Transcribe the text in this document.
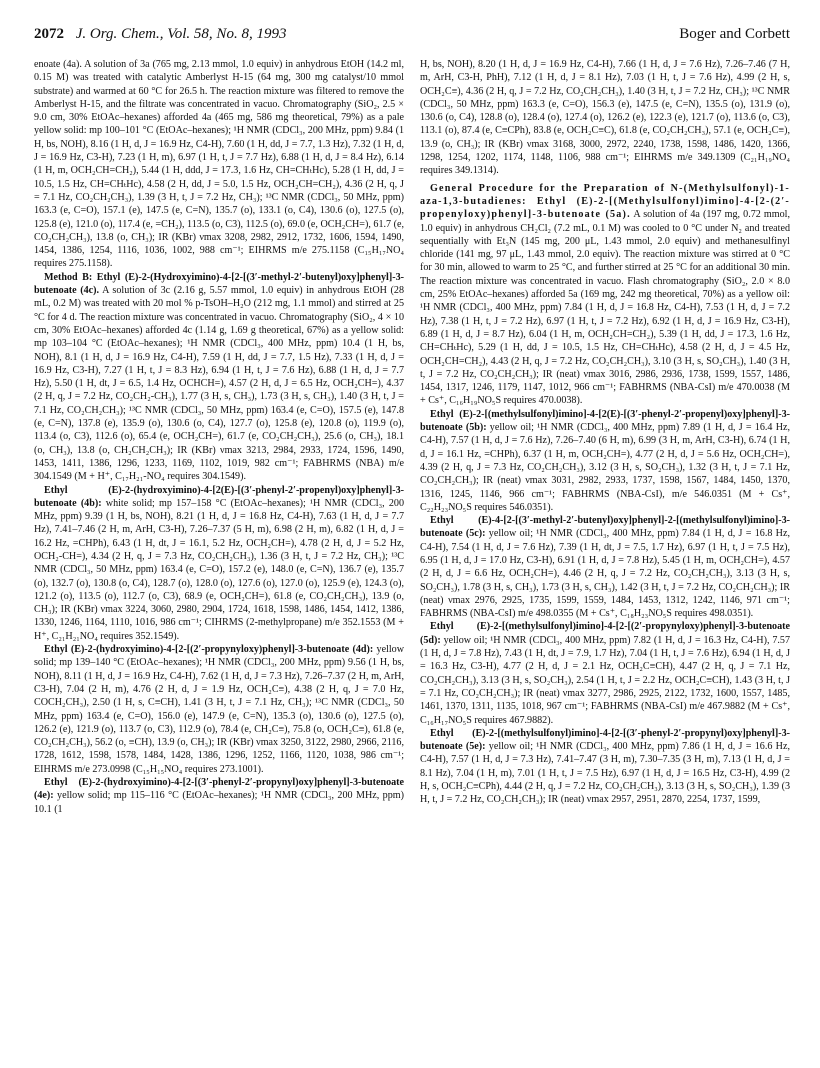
2072 J. Org. Chem., Vol. 58, No. 8, 1993	Boger and Corbett

enoate (4a). A solution of 3a (765 mg, 2.13 mmol, 1.0 equiv) in anhydrous EtOH (14.2 ml, 0.15 M) was treated with catalytic Amberlyst H-15 (64 mg, 300 mg catalyst/10 mmol substrate) and warmed at 60 °C for 26.5 h. The reaction mixture was filtered to remove the Amberlyst H-15, and the filtrate was concentrated in vacuo. Chromatography (SiO₂, 2.5 × 9.0 cm, 30% EtOAc–hexanes) afforded 4a (465 mg, 586 mg theoretical, 79%) as a pale yellow solid: mp 100–101 °C (EtOAc–hexanes); ¹H NMR (CDCl₃, 200 MHz, ppm) 9.84 (1 H, bs, NOH), 8.16 (1 H, d, J = 16.9 Hz, C4-H), 7.60 (1 H, dd, J = 7.7, 1.3 Hz), 7.32 (1 H, d, J = 16.9 Hz, C3-H), 7.23 (1 H, m), 6.97 (1 H, t, J = 7.7 Hz), 6.88 (1 H, d, J = 8.4 Hz), 6.14 (1 H, m, OCH₂CH=CH₂), 5.44 (1 H, ddd, J = 17.3, 1.6 Hz, CH=CHₜHc), 5.28 (1 H, dd, J = 10.5, 1.5 Hz, CH=CHₜHc), 4.58 (2 H, dd, J = 5.0, 1.5 Hz, OCH₂CH=CH₂), 4.36 (2 H, q, J = 7.1 Hz, CO₂CH₂CH₃), 1.39 (3 H, t, J = 7.2 Hz, CH₃); ¹³C NMR (CDCl₃, 50 MHz, ppm) 163.3 (e, C=O), 157.1 (e), 147.5 (e, C=N), 135.7 (o), 133.1 (o, C4), 130.6 (o), 127.5 (o), 125.8 (e), 121.0 (o), 117.4 (e, =CH₂), 113.5 (o, C3), 112.5 (o), 69.0 (e, OCH₂CH=), 61.7 (e, CO₂CH₂CH₃), 13.8 (o, CH₃); IR (KBr) νmax 3208, 2982, 2912, 1732, 1606, 1594, 1490, 1454, 1386, 1254, 1116, 1036, 1002, 988 cm⁻¹; EIHRMS m/e 275.1158 (C₁₅H₁₇NO₄ requires 275.1158).

Method B: Ethyl (E)-2-(Hydroxyimino)-4-[2-[(3′-methyl-2′-butenyl)oxy]phenyl]-3-butenoate (4c). A solution of 3c (2.16 g, 5.57 mmol, 1.0 equiv) in anhydrous EtOH (28 mL, 0.2 M) was treated with 20 mol % p-TsOH–H₂O (212 mg, 1.1 mmol) and stirred at 25 °C for 4 d. The reaction mixture was concentrated in vacuo. Chromatography (SiO₂, 4 × 10 cm, 30% EtOAc–hexanes) afforded 4c (1.14 g, 1.69 g theoretical, 67%) as a yellow solid: mp 103–104 °C (EtOAc–hexanes); ¹H NMR (CDCl₃, 400 MHz, ppm) 10.4 (1 H, bs, NOH), 8.1 (1 H, d, J = 16.9 Hz, C4-H), 7.59 (1 H, dd, J = 7.7, 1.5 Hz), 7.33 (1 H, d, J = 16.9 Hz, C3-H), 7.27 (1 H, t, J = 8.3 Hz), 6.94 (1 H, t, J = 7.6 Hz), 6.88 (1 H, d, J = 7.7 Hz), 5.50 (1 H, dt, J = 6.5, 1.4 Hz, OCHCH=), 4.57 (2 H, d, J = 6.5 Hz, OCH₂CH=), 4.37 (2 H, q, J = 7.2 Hz, CO₂CH₂-CH₃), 1.77 (3 H, s, CH₃), 1.73 (3 H, s, CH₃), 1.40 (3 H, t, J = 7.1 Hz, CO₂CH₂CH₃); ¹³C NMR (CDCl₃, 50 MHz, ppm) 163.4 (e, C=O), 157.5 (e), 147.8 (e, C=N), 137.8 (e), 135.9 (o), 130.6 (o, C4), 127.7 (o), 125.8 (e), 120.8 (o), 119.9 (o), 113.4 (o, C3), 112.6 (o), 65.4 (e, OCH₂CH=), 61.7 (e, CO₂CH₂CH₃), 25.6 (o, CH₃), 18.1 (o, CH₃), 13.8 (o, CH₂CH₂CH₃); IR (KBr) νmax 3213, 2984, 2933, 1724, 1596, 1490, 1453, 1411, 1386, 1296, 1233, 1169, 1102, 1019, 982 cm⁻¹; FABHRMS (NBA) m/e 304.1549 (M + H⁺, C₁₇H₂₁-NO₄ requires 304.1549).

Ethyl (E)-2-(hydroxyimino)-4-[2(E)-[(3′-phenyl-2′-propenyl)oxy]phenyl]-3-butenoate (4b): white solid; mp 157–158 °C (EtOAc–hexanes); ¹H NMR (CDCl₃, 200 MHz, ppm) 9.39 (1 H, bs, NOH), 8.21 (1 H, d, J = 16.8 Hz, C4-H), 7.63 (1 H, d, J = 7.7 Hz), 7.41–7.46 (2 H, m, ArH, C3-H), 7.26–7.37 (5 H, m), 6.98 (2 H, m), 6.82 (1 H, d, J = 16.2 Hz, =CHPh), 6.43 (1 H, dt, J = 16.1, 5.2 Hz, OCH₂CH=), 4.78 (2 H, d, J = 5.2 Hz, OCH₂-CH=), 4.34 (2 H, q, J = 7.3 Hz, CO₂CH₂CH₃), 1.36 (3 H, t, J = 7.2 Hz, CH₃); ¹³C NMR (CDCl₃, 50 MHz, ppm) 163.4 (e, C=O), 157.2 (e), 148.0 (e, C=N), 136.7 (e), 135.7 (o), 132.7 (o), 130.8 (o, C4), 128.7 (o), 128.0 (o), 127.6 (o), 127.0 (o), 125.9 (e), 124.3 (o), 121.2 (o), 113.5 (o), 112.7 (o, C3), 68.9 (e, OCH₂CH=), 61.8 (e, CO₂CH₂CH₃), 13.9 (o, CH₃); IR (KBr) νmax 3224, 3060, 2980, 2904, 1724, 1618, 1598, 1486, 1454, 1412, 1386, 1330, 1246, 1164, 1110, 1016, 986 cm⁻¹; CIHRMS (2-methylpropane) m/e 352.1553 (M + H⁺, C₂₁H₂₁NO₄ requires 352.1549).

Ethyl (E)-2-(hydroxyimino)-4-[2-[(2′-propynyloxy)phenyl]-3-butenoate (4d): yellow solid; mp 139–140 °C (EtOAc–hexanes); ¹H NMR (CDCl₃, 200 MHz, ppm) 9.56 (1 H, bs, NOH), 8.11 (1 H, d, J = 16.9 Hz, C4-H), 7.62 (1 H, d, J = 7.3 Hz), 7.26–7.37 (2 H, m, ArH, C3-H), 7.04 (2 H, m), 4.76 (2 H, d, J = 1.9 Hz, OCH₂C≡), 4.38 (2 H, q, J = 7.0 Hz, COCH₂CH₃), 2.50 (1 H, s, C≡CH), 1.41 (3 H, t, J = 7.1 Hz, CH₃); ¹³C NMR (CDCl₃, 50 MHz, ppm) 163.4 (e, C=O), 156.0 (e), 147.9 (e, C=N), 135.3 (o), 130.6 (o), 127.5 (o), 126.2 (e), 121.9 (o), 113.7 (o, C3), 112.9 (o), 78.4 (e, CH₂C≡), 75.8 (o, OCH₂C≡), 61.8 (e, CO₂CH₂CH₃), 56.2 (o, ≡CH), 13.9 (o, CH₃); IR (KBr) νmax 3250, 3122, 2980, 2966, 2116, 1728, 1612, 1598, 1578, 1484, 1428, 1386, 1296, 1252, 1166, 1120, 1038, 986 cm⁻¹; EIHRMS m/e 273.0998 (C₁₅H₁₅NO₄ requires 273.1001).

Ethyl (E)-2-(hydroxyimino)-4-[2-[(3′-phenyl-2′-propynyl)oxy]phenyl]-3-butenoate (4e): yellow solid; mp 115–116 °C (EtOAc–hexanes); ¹H NMR (CDCl₃, 200 MHz, ppm) 10.1 (1

H, bs, NOH), 8.20 (1 H, d, J = 16.9 Hz, C4-H), 7.66 (1 H, d, J = 7.6 Hz), 7.26–7.46 (7 H, m, ArH, C3-H, PhH), 7.12 (1 H, d, J = 8.1 Hz), 7.03 (1 H, t, J = 7.6 Hz), 4.99 (2 H, s, OCH₂C≡), 4.36 (2 H, q, J = 7.2 Hz, CO₂CH₂CH₃), 1.40 (3 H, t, J = 7.2 Hz, CH₃); ¹³C NMR (CDCl₃, 50 MHz, ppm) 163.3 (e, C=O), 156.3 (e), 147.5 (e, C=N), 135.5 (o), 131.9 (o), 130.6 (o, C4), 128.8 (o), 128.4 (o), 127.4 (o), 126.2 (e), 122.3 (e), 121.7 (o), 113.6 (o, C3), 113.1 (o), 87.4 (e, C≡CPh), 83.8 (e, OCH₂C≡C), 61.8 (e, CO₂CH₂CH₃), 57.1 (e, OCH₂C≡), 13.9 (o, CH₃); IR (KBr) νmax 3168, 3000, 2972, 2240, 1738, 1598, 1486, 1420, 1366, 1298, 1254, 1202, 1174, 1148, 1106, 988 cm⁻¹; EIHRMS m/e 349.1309 (C₂₁H₁₉NO₄ requires 349.1314).

General Procedure for the Preparation of N-(Methylsulfonyl)-1-aza-1,3-butadienes: Ethyl (E)-2-[(Methylsulfonyl)imino]-4-[2-(2′-propenyloxy)phenyl]-3-butenoate (5a). A solution of 4a (197 mg, 0.72 mmol, 1.0 equiv) in anhydrous CH₂Cl₂ (7.2 mL, 0.1 M) was cooled to 0 °C under N₂ and treated sequentially with Et₃N (145 mg, 200 μL, 1.43 mmol, 2.0 equiv) and methanesulfinyl chloride (141 mg, 97 μL, 1.43 mmol, 2.0 equiv). The reaction mixture was stirred at 0 °C for 30 min, allowed to warm to 25 °C, and further stirred at 25 °C for an additional 30 min. The reaction mixture was concentrated in vacuo. Flash chromatography (SiO₂, 2.0 × 8.0 cm, 25% EtOAc–hexanes) afforded 5a (169 mg, 242 mg theoretical, 70%) as a yellow oil: ¹H NMR (CDCl₃, 400 MHz, ppm) 7.84 (1 H, d, J = 16.8 Hz, C4-H), 7.53 (1 H, d, J = 7.2 Hz), 7.38 (1 H, t, J = 7.2 Hz), 6.97 (1 H, t, J = 7.2 Hz), 6.92 (1 H, d, J = 16.9 Hz, C3-H), 6.89 (1 H, d, J = 8.7 Hz), 6.04 (1 H, m, OCH₂CH=CH₂), 5.39 (1 H, dd, J = 17.3, 1.6 Hz, CH=CHₜHc), 5.29 (1 H, dd, J = 10.5, 1.5 Hz, CH=CHₜHc), 4.58 (2 H, d, J = 4.5 Hz, OCH₂CH=CH₂), 4.43 (2 H, q, J = 7.2 Hz, CO₂CH₂CH₃), 3.10 (3 H, s, SO₂CH₃), 1.40 (3 H, t, J = 7.2 Hz, CO₂CH₂CH₃); IR (neat) νmax 3016, 2986, 2936, 1738, 1599, 1557, 1486, 1454, 1317, 1246, 1179, 1147, 1012, 966 cm⁻¹; FABHRMS (NBA-CsI) m/e 470.0038 (M + Cs⁺, C₁₆H₁₉NO₅S requires 470.0038).

Ethyl (E)-2-[(methylsulfonyl)imino]-4-[2(E)-[(3′-phenyl-2′-propenyl)oxy]phenyl]-3-butenoate (5b): yellow oil; ¹H NMR (CDCl₃, 400 MHz, ppm) 7.89 (1 H, d, J = 16.4 Hz, C4-H), 7.57 (1 H, d, J = 7.6 Hz), 7.26–7.40 (6 H, m), 6.99 (3 H, m, ArH, C3-H), 6.74 (1 H, d, J = 16.1 Hz, =CHPh), 6.37 (1 H, m, OCH₂CH=), 4.77 (2 H, d, J = 5.6 Hz, OCH₂CH=), 4.39 (2 H, q, J = 7.3 Hz, CO₂CH₂CH₃), 3.12 (3 H, s, SO₂CH₃), 1.32 (3 H, t, J = 7.1 Hz, CO₂CH₂CH₃); IR (neat) νmax 3031, 2982, 2933, 1737, 1598, 1567, 1484, 1450, 1370, 1316, 1245, 1146, 966 cm⁻¹; FABHRMS (NBA-CsI), m/e 546.0351 (M + Cs⁺, C₂₂H₂₃NO₅S requires 546.0351).

Ethyl (E)-4-[2-[(3′-methyl-2′-butenyl)oxy]phenyl]-2-[(methylsulfonyl)imino]-3-butenoate (5c): yellow oil; ¹H NMR (CDCl₃, 400 MHz, ppm) 7.84 (1 H, d, J = 16.8 Hz, C4-H), 7.54 (1 H, d, J = 7.6 Hz), 7.39 (1 H, dt, J = 7.5, 1.7 Hz), 6.97 (1 H, t, J = 7.5 Hz), 6.95 (1 H, d, J = 17.0 Hz, C3-H), 6.91 (1 H, d, J = 7.8 Hz), 5.45 (1 H, m, OCH₂CH=), 4.57 (2 H, d, J = 6.6 Hz, OCH₂CH=), 4.46 (2 H, q, J = 7.2 Hz, CO₂CH₂CH₃), 3.13 (3 H, s, SO₂CH₃), 1.78 (3 H, s, CH₃), 1.73 (3 H, s, CH₃), 1.42 (3 H, t, J = 7.2 Hz, CO₂CH₂CH₃); IR (neat) νmax 2976, 2925, 1735, 1599, 1559, 1484, 1453, 1312, 1242, 1146, 971 cm⁻¹; FABHRMS (NBA-CsI) m/e 498.0355 (M + Cs⁺, C₁₈H₂₃NO₅S requires 498.0351).

Ethyl (E)-2-[(methylsulfonyl)imino]-4-[2-[(2′-propynyloxy)phenyl]-3-butenoate (5d): yellow oil; ¹H NMR (CDCl₃, 400 MHz, ppm) 7.82 (1 H, d, J = 16.3 Hz, C4-H), 7.57 (1 H, d, J = 7.8 Hz), 7.43 (1 H, dt, J = 7.9, 1.7 Hz), 7.04 (1 H, t, J = 7.6 Hz), 6.94 (1 H, d, J = 16.3 Hz, C3-H), 4.77 (2 H, d, J = 2.1 Hz, OCH₂C≡CH), 4.47 (2 H, q, J = 7.1 Hz, CO₂CH₂CH₃), 3.13 (3 H, s, SO₂CH₃), 2.54 (1 H, t, J = 2.2 Hz, OCH₂C≡CH), 1.43 (3 H, t, J = 7.1 Hz, CO₂CH₂CH₃); IR (neat) νmax 3277, 2986, 2925, 2122, 1732, 1600, 1557, 1485, 1461, 1370, 1311, 1135, 1018, 967 cm⁻¹; FABHRMS (NBA-CsI) m/e 467.9882 (M + Cs⁺, C₁₆H₁₇NO₅S requires 467.9882).

Ethyl (E)-2-[(methylsulfonyl)imino]-4-[2-[(3′-phenyl-2′-propynyl)oxy]phenyl]-3-butenoate (5e): yellow oil; ¹H NMR (CDCl₃, 400 MHz, ppm) 7.86 (1 H, d, J = 16.6 Hz, C4-H), 7.57 (1 H, d, J = 7.3 Hz), 7.41–7.47 (3 H, m), 7.30–7.35 (3 H, m), 7.13 (1 H, d, J = 8.1 Hz), 7.04 (1 H, m), 7.01 (1 H, t, J = 7.5 Hz), 6.97 (1 H, d, J = 16.5 Hz, C3-H), 4.99 (2 H, s, OCH₂C≡CPh), 4.44 (2 H, q, J = 7.2 Hz, CO₂CH₂CH₃), 3.13 (3 H, s, SO₂CH₃), 1.39 (3 H, t, J = 7.2 Hz, CO₂CH₂CH₃); IR (neat) νmax 2957, 2951, 2870, 2254, 1737, 1599,
